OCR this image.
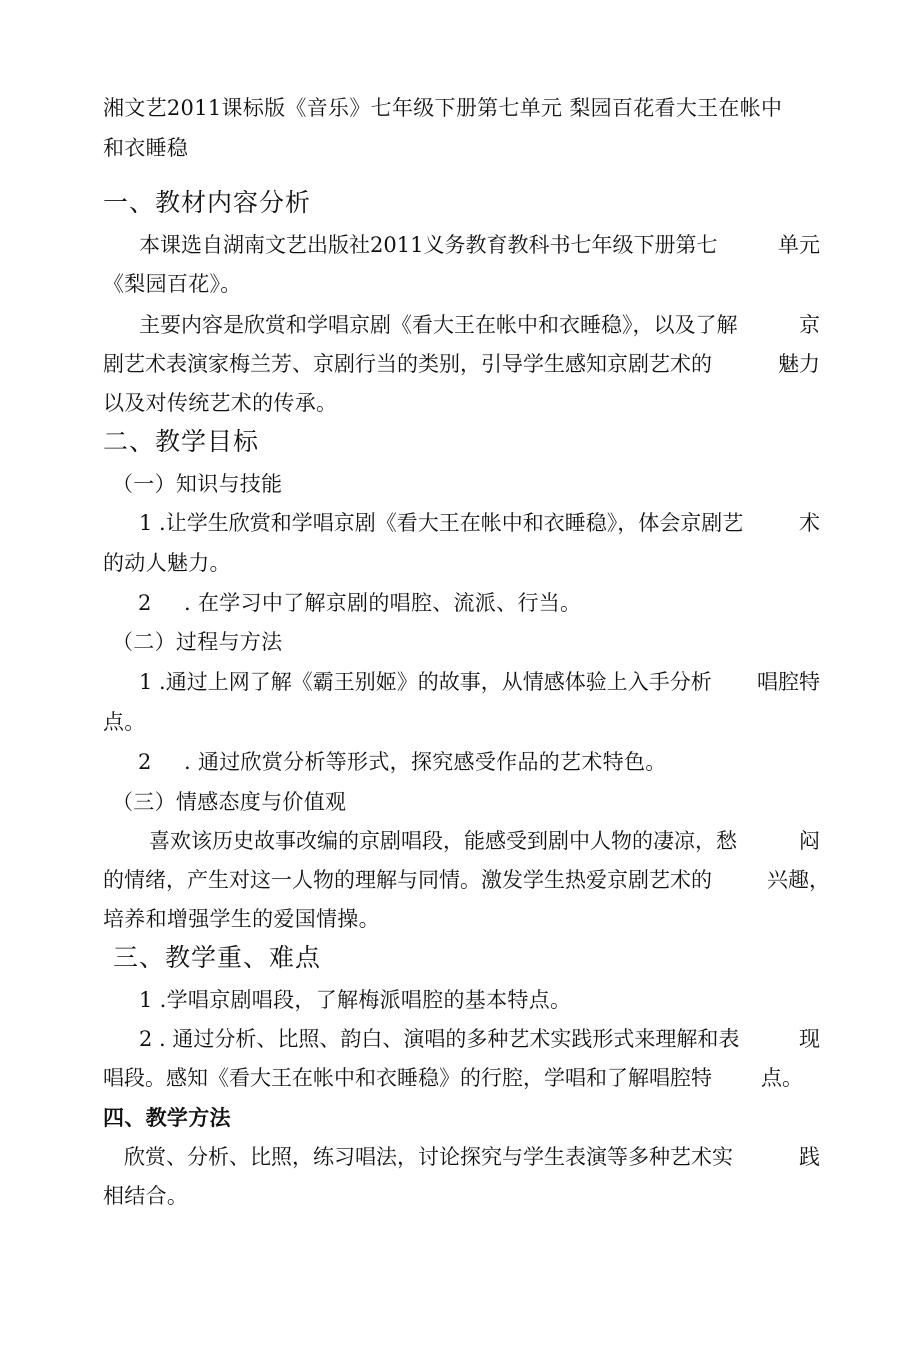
湘文艺2011课标版《音乐》七年级下册第七单元 梨园百花看大王在帐中
和衣睡稳
一、教材内容分析
本课选自湖南文艺出版社2011义务教育教科书七年级下册第七	单元
《梨园百花》。
主要内容是欣赏和学唱京剧《看大王在帐中和衣睡稳》，以及了解	京
剧艺术表演家梅兰芳、京剧行当的类别，引导学生感知京剧艺术的	魅力
以及对传统艺术的传承。
二、教学目标
（一）知识与技能
1 .让学生欣赏和学唱京剧《看大王在帐中和衣睡稳》，体会京剧艺	术
的动人魅力。
2 . 在学习中了解京剧的唱腔、流派、行当。
（二）过程与方法
1 .通过上网了解《霸王别姬》的故事，从情感体验上入手分析 唱腔特
点。
2 . 通过欣赏分析等形式，探究感受作品的艺术特色。
（三）情感态度与价值观
喜欢该历史故事改编的京剧唱段，能感受到剧中人物的凄凉，愁	闷
的情绪，产生对这一人物的理解与同情。激发学生热爱京剧艺术的	兴趣，
培养和增强学生的爱国情操。
三、教学重、难点
1 .学唱京剧唱段，了解梅派唱腔的基本特点。
2 . 通过分析、比照、韵白、演唱的多种艺术实践形式来理解和表	现
唱段。感知《看大王在帐中和衣睡稳》的行腔，学唱和了解唱腔特 点。
四、教学方法
欣赏、分析、比照，练习唱法，讨论探究与学生表演等多种艺术实	践
相结合。
